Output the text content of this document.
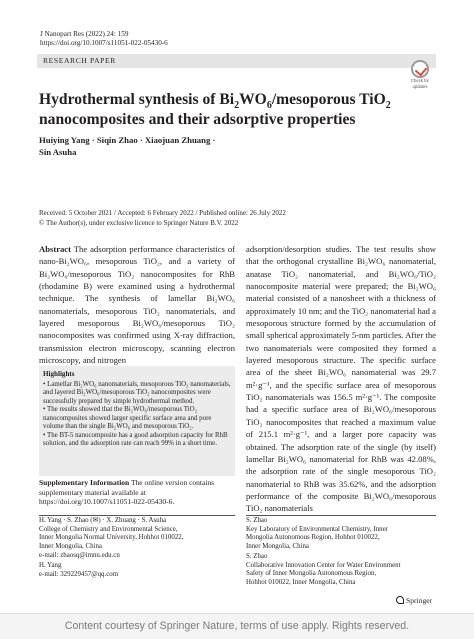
J Nanopart Res (2022) 24: 159
https://doi.org/10.1007/s11051-022-05430-6
RESEARCH PAPER
Check for
updates
Hydrothermal synthesis of $Bi_2WO_6$/mesoporous TiO$_2$
nanocomposites and their adsorptive properties
Huiying Yang · Siqin Zhao · Xiaojuan Zhuang ·
Sin Asuha
Received: 5 October 2021 / Accepted: 6 February 2022 / Published online: 26 July 2022
© The Author(s), under exclusive licence to Springer Nature B.V. 2022

Abstract The adsorption performance characteristics of nano-Bi₂WO₆, mesoporous TiO₂, and a variety of Bi₂WO₆/mesoporous TiO₂ nanocomposites for RhB (rhodamine B) were examined using a hydrothermal technique. The synthesis of lamellar Bi₂WO₆ nanomaterials, mesoporous TiO₂ nanomaterials, and layered mesoporous Bi₂WO₆/mesoporous TiO₂ nanocomposites was confirmed using X-ray diffraction, transmission electron microscopy, scanning electron microscopy, and nitrogen

adsorption/desorption studies. The test results show that the orthogonal crystalline Bi₂WO₆ nanomaterial, anatase TiO₂ nanomaterial, and Bi₂WO₆/TiO₂ nanocomposite material were prepared; the Bi₂WO₆ material consisted of a nanosheet with a thickness of approximately 10 nm; and the TiO₂ nanomaterial had a mesoporous structure formed by the accumulation of small spherical approximately 5-nm particles. After the two nanomaterials were composited they formed a layered mesoporous structure. The specific surface area of the sheet Bi₂WO₆ nanomaterial was 29.7 m²·g⁻¹, and the specific surface area of mesoporous TiO₂ nanomaterials was 156.5 m²·g⁻¹. The composite had a specific surface area of Bi₂WO₆/mesoporous TiO₂ nanocomposites that reached a maximum value of 215.1 m²·g⁻¹, and a larger pore capacity was obtained. The adsorption rate of the single (by itself) lamellar Bi₂WO₆ nanomaterial for RhB was 42.08%, the adsorption rate of the single mesoporous TiO₂ nanomaterial to RhB was 35.62%, and the adsorption performance of the composite Bi₂WO₆/mesoporous TiO₂ nanomaterials

Highlights
• Lamellar Bi₂WO₆ nanomaterials, mesoporous TiO₂ nanomaterials, and layered Bi₂WO₆/mesoporous TiO₂ nanocomposites were successfully prepared by simple hydrothermal method.
• The results showed that the Bi₂WO₆/mesoporous TiO₂ nanocomposites showed larger specific surface area and pore volume than the single Bi₂WO₆ and mesoporous TiO₂.
• The BT-5 nanocomposite has a good adsorption capacity for RhB solution, and the adsorption rate can reach 99% in a short time.
Supplementary Information The online version contains supplementary material available at https://doi.org/10.1007/s11051-022-05430-6.
H. Yang · S. Zhao (✉) · X. Zhuang · S. Asuha
College of Chemistry and Environmental Science,
Inner Mongolia Normal University, Hohhot 010022,
Inner Mongolia, China
e-mail: zhaosq@imnu.edu.cn
H. Yang
e-mail: 329229457@qq.com
S. Zhao
Key Laboratory of Environmental Chemistry, Inner
Mongolia Autonomous Region, Hohhot 010022,
Inner Mongolia, China
S. Zhao
Collaborative Innovation Center for Water Environment
Safety of Inner Mongolia Autonomous Region,
Hohhot 010022, Inner Mongolia, China
Springer
Content courtesy of Springer Nature, terms of use apply. Rights reserved.
